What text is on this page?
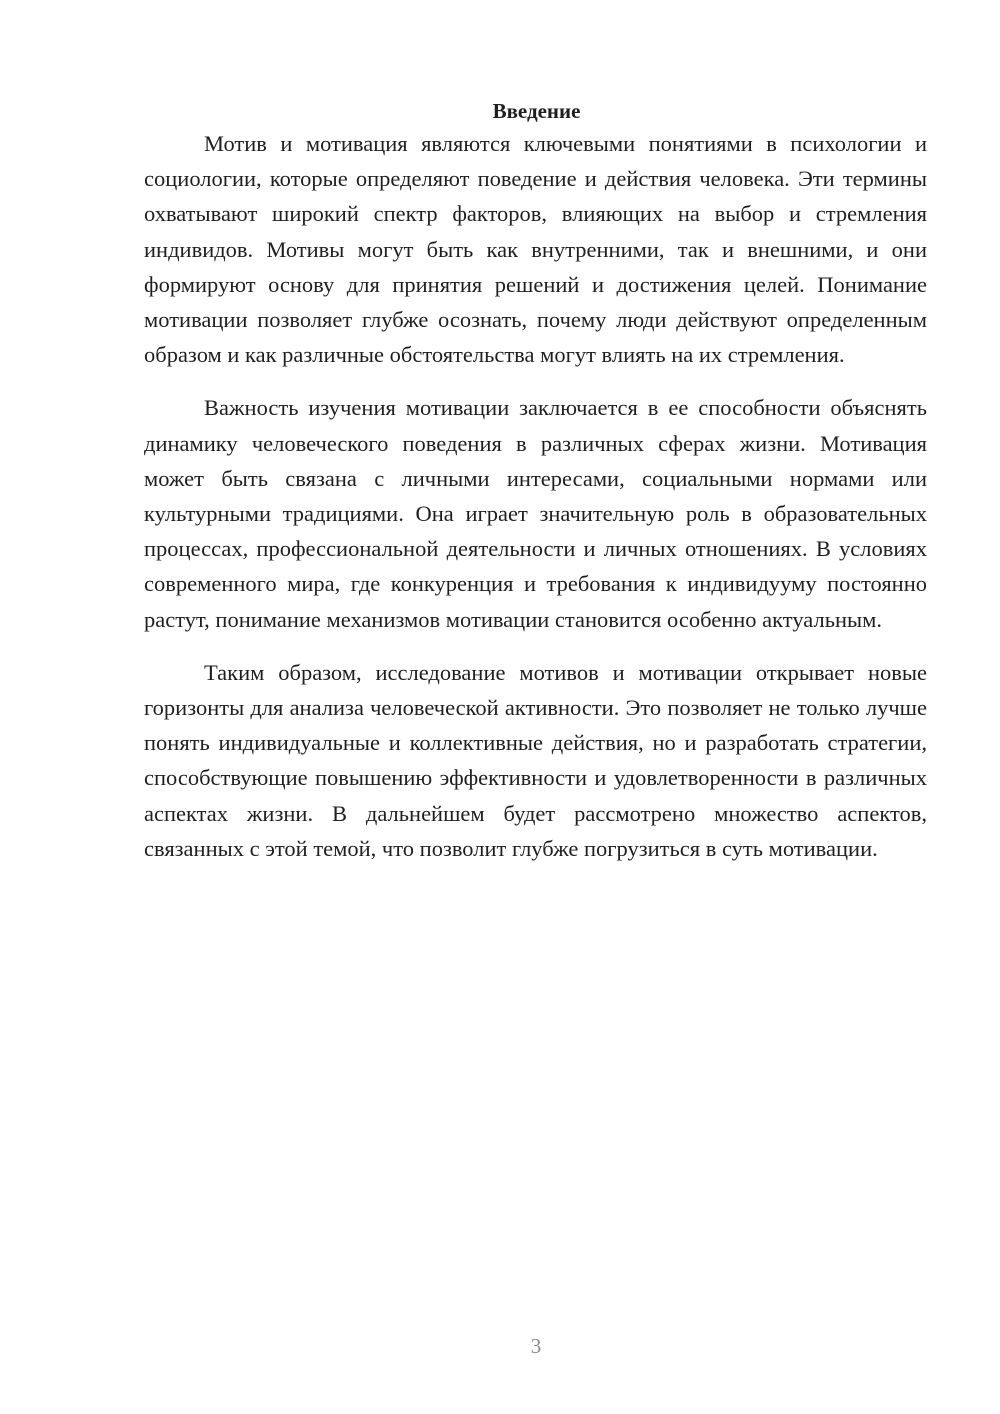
Введение

Мотив и мотивация являются ключевыми понятиями в психологии и социологии, которые определяют поведение и действия человека. Эти термины охватывают широкий спектр факторов, влияющих на выбор и стремления индивидов. Мотивы могут быть как внутренними, так и внешними, и они формируют основу для принятия решений и достижения целей. Понимание мотивации позволяет глубже осознать, почему люди действуют определенным образом и как различные обстоятельства могут влиять на их стремления.

Важность изучения мотивации заключается в ее способности объяснять динамику человеческого поведения в различных сферах жизни. Мотивация может быть связана с личными интересами, социальными нормами или культурными традициями. Она играет значительную роль в образовательных процессах, профессиональной деятельности и личных отношениях. В условиях современного мира, где конкуренция и требования к индивидууму постоянно растут, понимание механизмов мотивации становится особенно актуальным.

Таким образом, исследование мотивов и мотивации открывает новые горизонты для анализа человеческой активности. Это позволяет не только лучше понять индивидуальные и коллективные действия, но и разработать стратегии, способствующие повышению эффективности и удовлетворенности в различных аспектах жизни. В дальнейшем будет рассмотрено множество аспектов, связанных с этой темой, что позволит глубже погрузиться в суть мотивации.

3
